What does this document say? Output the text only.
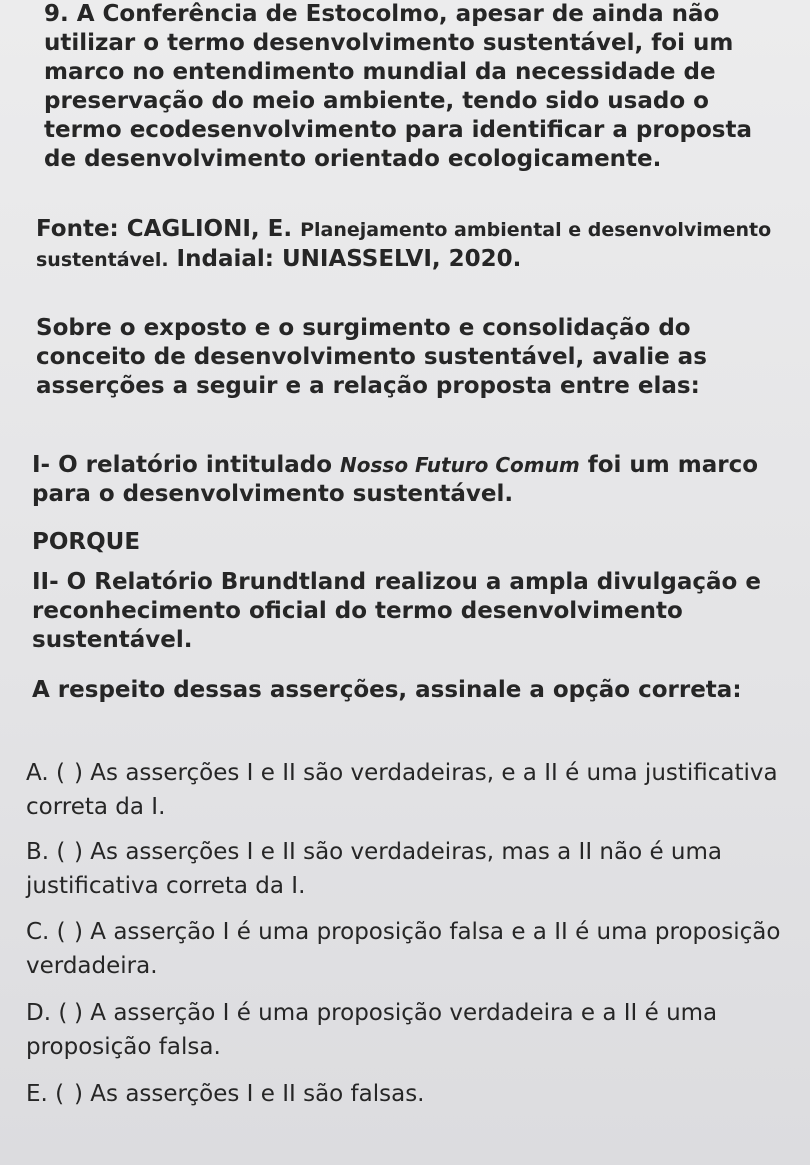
9. A Conferência de Estocolmo, apesar de ainda não utilizar o termo desenvolvimento sustentável, foi um marco no entendimento mundial da necessidade de preservação do meio ambiente, tendo sido usado o termo ecodesenvolvimento para identificar a proposta de desenvolvimento orientado ecologicamente.

Fonte: CAGLIONI, E. Planejamento ambiental e desenvolvimento sustentável. Indaial: UNIASSELVI, 2020.

Sobre o exposto e o surgimento e consolidação do conceito de desenvolvimento sustentável, avalie as asserções a seguir e a relação proposta entre elas:

I- O relatório intitulado Nosso Futuro Comum foi um marco para o desenvolvimento sustentável.

PORQUE

II- O Relatório Brundtland realizou a ampla divulgação e reconhecimento oficial do termo desenvolvimento sustentável.

A respeito dessas asserções, assinale a opção correta:

A. ( ) As asserções I e II são verdadeiras, e a II é uma justificativa correta da I.
B. ( ) As asserções I e II são verdadeiras, mas a II não é uma justificativa correta da I.
C. ( ) A asserção I é uma proposição falsa e a II é uma proposição verdadeira.
D. ( ) A asserção I é uma proposição verdadeira e a II é uma proposição falsa.
E. ( ) As asserções I e II são falsas.
